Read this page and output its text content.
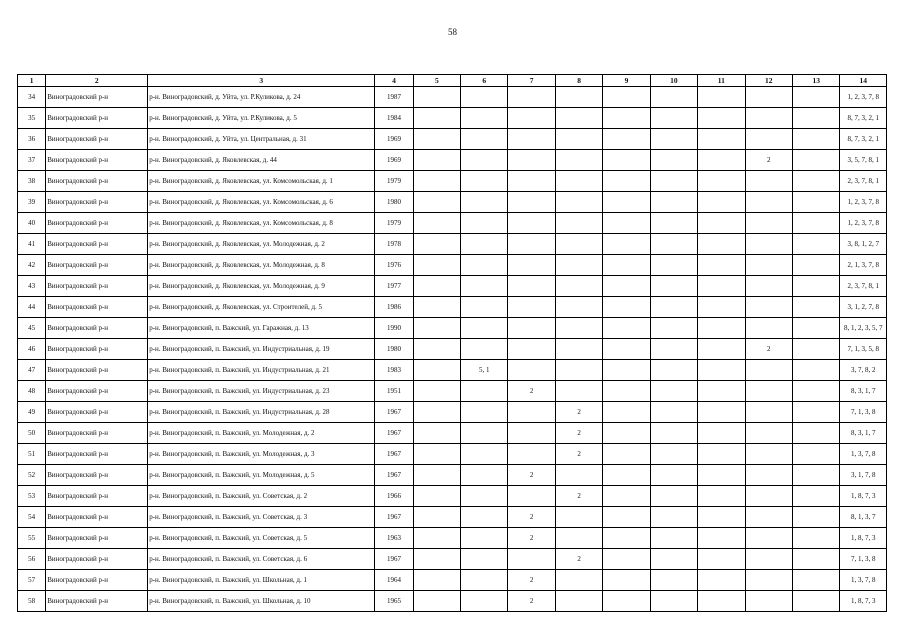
58
1	2	3	4	5	6	7	8	9	10	11	12	13	14
34	Виноградовский р-н	р-н. Виноградовский, д. Уйта, ул. Р.Куликова, д. 24	1987										1, 2, 3, 7, 8
35	Виноградовский р-н	р-н. Виноградовский, д. Уйта, ул. Р.Куликова, д. 5	1984										8, 7, 3, 2, 1
36	Виноградовский р-н	р-н. Виноградовский, д. Уйта, ул. Центральная, д. 31	1969										8, 7, 3, 2, 1
37	Виноградовский р-н	р-н. Виноградовский, д. Яковлевская, д. 44	1969								2		3, 5, 7, 8, 1
38	Виноградовский р-н	р-н. Виноградовский, д. Яковлевская, ул. Комсомольская, д. 1	1979										2, 3, 7, 8, 1
39	Виноградовский р-н	р-н. Виноградовский, д. Яковлевская, ул. Комсомольская, д. 6	1980										1, 2, 3, 7, 8
40	Виноградовский р-н	р-н. Виноградовский, д. Яковлевская, ул. Комсомольская, д. 8	1979										1, 2, 3, 7, 8
41	Виноградовский р-н	р-н. Виноградовский, д. Яковлевская, ул. Молодежная, д. 2	1978										3, 8, 1, 2, 7
42	Виноградовский р-н	р-н. Виноградовский, д. Яковлевская, ул. Молодежная, д. 8	1976										2, 1, 3, 7, 8
43	Виноградовский р-н	р-н. Виноградовский, д. Яковлевская, ул. Молодежная, д. 9	1977										2, 3, 7, 8, 1
44	Виноградовский р-н	р-н. Виноградовский, д. Яковлевская, ул. Строителей, д. 5	1986										3, 1, 2, 7, 8
45	Виноградовский р-н	р-н. Виноградовский, п. Важский, ул. Гаражная, д. 13	1990										8, 1, 2, 3, 5, 7
46	Виноградовский р-н	р-н. Виноградовский, п. Важский, ул. Индустриальная, д. 19	1980								2		7, 1, 3, 5, 8
47	Виноградовский р-н	р-н. Виноградовский, п. Важский, ул. Индустриальная, д. 21	1983		5, 1								3, 7, 8, 2
48	Виноградовский р-н	р-н. Виноградовский, п. Важский, ул. Индустриальная, д. 23	1951			2							8, 3, 1, 7
49	Виноградовский р-н	р-н. Виноградовский, п. Важский, ул. Индустриальная, д. 28	1967				2						7, 1, 3, 8
50	Виноградовский р-н	р-н. Виноградовский, п. Важский, ул. Молодежная, д. 2	1967				2						8, 3, 1, 7
51	Виноградовский р-н	р-н. Виноградовский, п. Важский, ул. Молодежная, д. 3	1967				2						1, 3, 7, 8
52	Виноградовский р-н	р-н. Виноградовский, п. Важский, ул. Молодежная, д. 5	1967			2							3, 1, 7, 8
53	Виноградовский р-н	р-н. Виноградовский, п. Важский, ул. Советская, д. 2	1966				2						1, 8, 7, 3
54	Виноградовский р-н	р-н. Виноградовский, п. Важский, ул. Советская, д. 3	1967			2							8, 1, 3, 7
55	Виноградовский р-н	р-н. Виноградовский, п. Важский, ул. Советская, д. 5	1963			2							1, 8, 7, 3
56	Виноградовский р-н	р-н. Виноградовский, п. Важский, ул. Советская, д. 6	1967				2						7, 1, 3, 8
57	Виноградовский р-н	р-н. Виноградовский, п. Важский, ул. Школьная, д. 1	1964			2							1, 3, 7, 8
58	Виноградовский р-н	р-н. Виноградовский, п. Важский, ул. Школьная, д. 10	1965			2							1, 8, 7, 3
